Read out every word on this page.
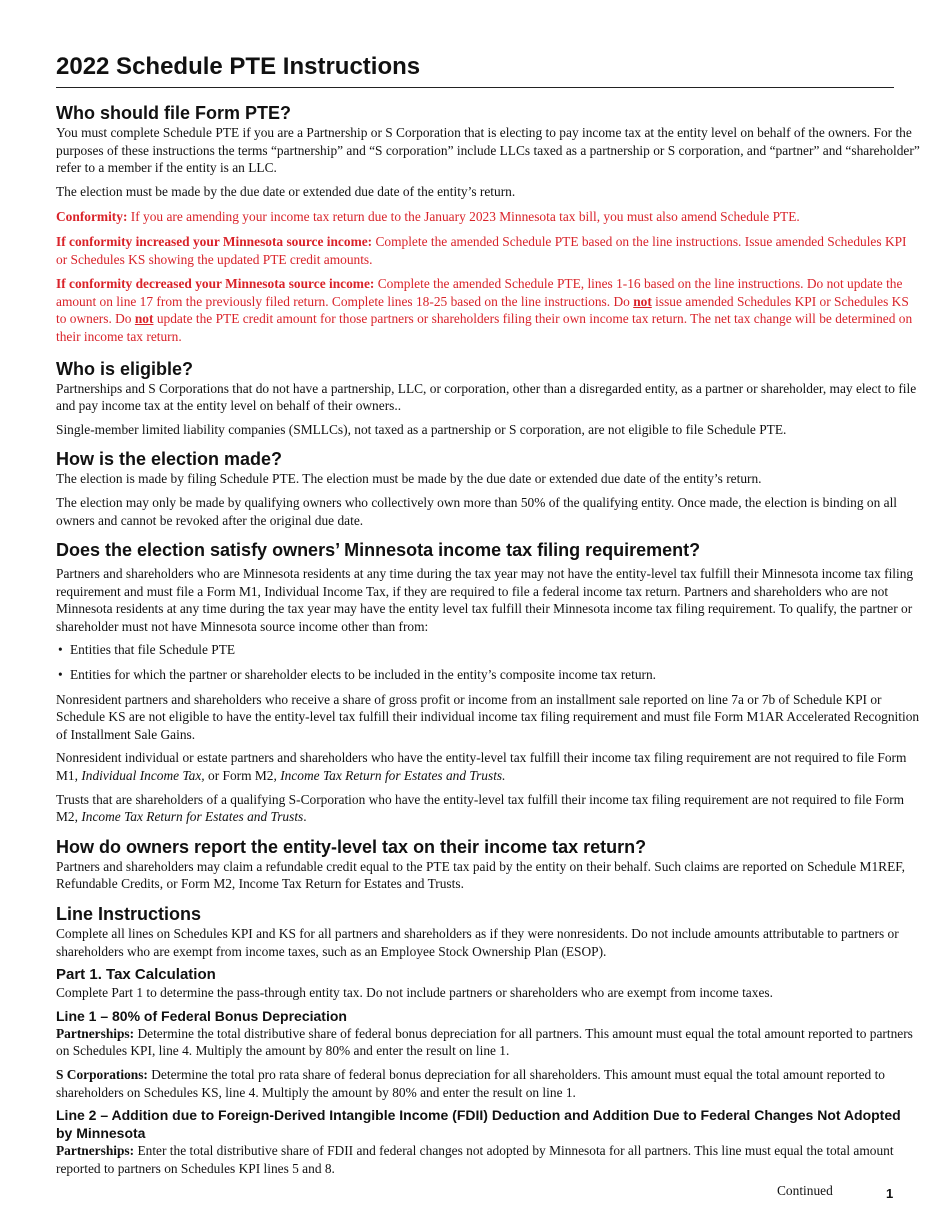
2022 Schedule PTE Instructions
Who should file Form PTE?

You must complete Schedule PTE if you are a Partnership or S Corporation that is electing to pay income tax at the entity level on behalf of the owners. For the purposes of these instructions the terms “partnership” and “S corporation” include LLCs taxed as a partnership or S corporation, and “partner” and “shareholder” refer to a member if the entity is an LLC.

The election must be made by the due date or extended due date of the entity’s return.

Conformity: If you are amending your income tax return due to the January 2023 Minnesota tax bill, you must also amend Schedule PTE.

If conformity increased your Minnesota source income: Complete the amended Schedule PTE based on the line instructions. Issue amended Schedules KPI or Schedules KS showing the updated PTE credit amounts.

If conformity decreased your Minnesota source income: Complete the amended Schedule PTE, lines 1-16 based on the line instructions. Do not update the amount on line 17 from the previously filed return. Complete lines 18-25 based on the line instructions. Do not issue amended Schedules KPI or Schedules KS to owners. Do not update the PTE credit amount for those partners or shareholders filing their own income tax return. The net tax change will be determined on their income tax return.

Who is eligible?

Partnerships and S Corporations that do not have a partnership, LLC, or corporation, other than a disregarded entity, as a partner or shareholder, may elect to file and pay income tax at the entity level on behalf of their owners..

Single-member limited liability companies (SMLLCs), not taxed as a partnership or S corporation, are not eligible to file Schedule PTE.

How is the election made?

The election is made by filing Schedule PTE. The election must be made by the due date or extended due date of the entity’s return.

The election may only be made by qualifying owners who collectively own more than 50% of the qualifying entity. Once made, the election is binding on all owners and cannot be revoked after the original due date.

Does the election satisfy owners’ Minnesota income tax filing requirement?

Partners and shareholders who are Minnesota residents at any time during the tax year may not have the entity-level tax fulfill their Minnesota income tax filing requirement and must file a Form M1, Individual Income Tax, if they are required to file a federal income tax return. Partners and shareholders who are not Minnesota residents at any time during the tax year may have the entity level tax fulfill their Minnesota income tax filing requirement. To qualify, the partner or shareholder must not have Minnesota source income other than from:

• Entities that file Schedule PTE

• Entities for which the partner or shareholder elects to be included in the entity’s composite income tax return.

Nonresident partners and shareholders who receive a share of gross profit or income from an installment sale reported on line 7a or 7b of Schedule KPI or Schedule KS are not eligible to have the entity-level tax fulfill their individual income tax filing requirement and must file Form M1AR Accelerated Recognition of Installment Sale Gains.

Nonresident individual or estate partners and shareholders who have the entity-level tax fulfill their income tax filing requirement are not required to file Form M1, Individual Income Tax, or Form M2, Income Tax Return for Estates and Trusts.

Trusts that are shareholders of a qualifying S-Corporation who have the entity-level tax fulfill their income tax filing requirement are not required to file Form M2, Income Tax Return for Estates and Trusts.

How do owners report the entity-level tax on their income tax return?

Partners and shareholders may claim a refundable credit equal to the PTE tax paid by the entity on their behalf. Such claims are reported on Schedule M1REF, Refundable Credits, or Form M2, Income Tax Return for Estates and Trusts.

Line Instructions

Complete all lines on Schedules KPI and KS for all partners and shareholders as if they were nonresidents. Do not include amounts attributable to partners or shareholders who are exempt from income taxes, such as an Employee Stock Ownership Plan (ESOP).

Part 1. Tax Calculation

Complete Part 1 to determine the pass-through entity tax. Do not include partners or shareholders who are exempt from income taxes.

Line 1 – 80% of Federal Bonus Depreciation

Partnerships: Determine the total distributive share of federal bonus depreciation for all partners. This amount must equal the total amount reported to partners on Schedules KPI, line 4. Multiply the amount by 80% and enter the result on line 1.

S Corporations: Determine the total pro rata share of federal bonus depreciation for all shareholders. This amount must equal the total amount reported to shareholders on Schedules KS, line 4. Multiply the amount by 80% and enter the result on line 1.

Line 2 – Addition due to Foreign-Derived Intangible Income (FDII) Deduction and Addition Due to Federal Changes Not Adopted by Minnesota

Partnerships: Enter the total distributive share of FDII and federal changes not adopted by Minnesota for all partners. This line must equal the total amount reported to partners on Schedules KPI lines 5 and 8.

Continued	1
